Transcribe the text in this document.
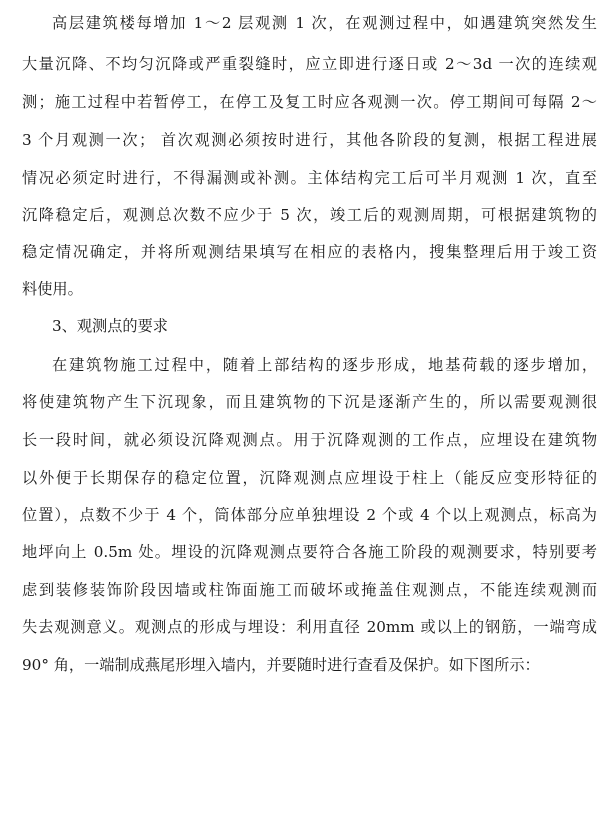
高层建筑楼每增加 1～2 层观测 1 次，在观测过程中，如遇建筑突然发生
大量沉降、不均匀沉降或严重裂缝时，应立即进行逐日或 2～3d 一次的连续观
测；施工过程中若暂停工，在停工及复工时应各观测一次。停工期间可每隔 2～
3 个月观测一次； 首次观测必须按时进行，其他各阶段的复测，根据工程进展
情况必须定时进行，不得漏测或补测。主体结构完工后可半月观测 1 次，直至
沉降稳定后，观测总次数不应少于 5 次，竣工后的观测周期，可根据建筑物的
稳定情况确定，并将所观测结果填写在相应的表格内，搜集整理后用于竣工资
料使用。
3、观测点的要求
在建筑物施工过程中，随着上部结构的逐步形成，地基荷载的逐步增加，
将使建筑物产生下沉现象，而且建筑物的下沉是逐渐产生的，所以需要观测很
长一段时间，就必须设沉降观测点。用于沉降观测的工作点，应埋设在建筑物
以外便于长期保存的稳定位置，沉降观测点应埋设于柱上（能反应变形特征的
位置），点数不少于 4 个，筒体部分应单独埋设 2 个或 4 个以上观测点，标高为
地坪向上 0.5m 处。埋设的沉降观测点要符合各施工阶段的观测要求，特别要考
虑到装修装饰阶段因墙或柱饰面施工而破坏或掩盖住观测点，不能连续观测而
失去观测意义。观测点的形成与埋设：利用直径 20mm 或以上的钢筋，一端弯成
90° 角，一端制成燕尾形埋入墙内，并要随时进行查看及保护。如下图所示：
